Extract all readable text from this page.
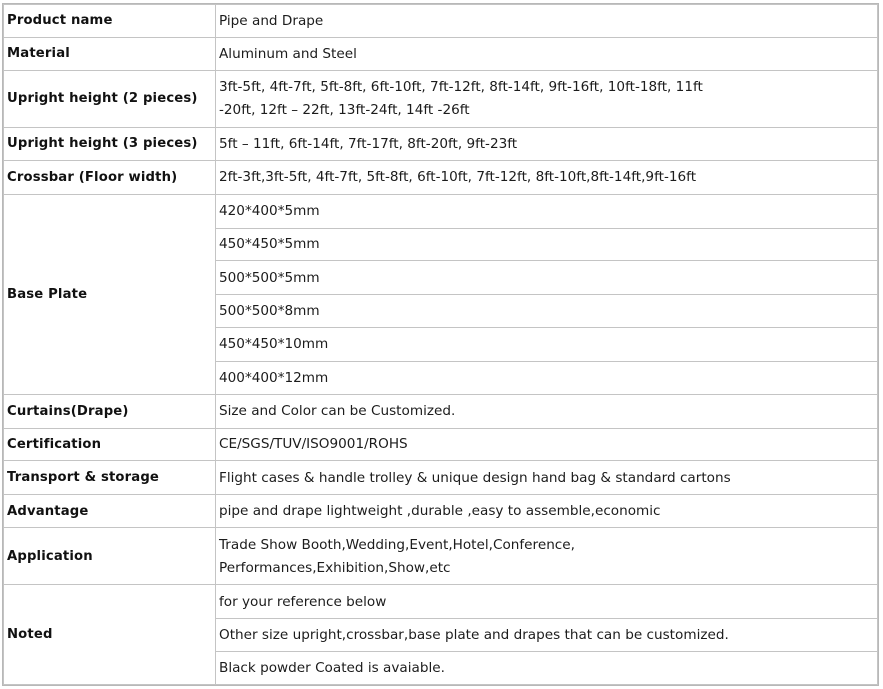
Product name	Pipe and Drape
Material	Aluminum and Steel
Upright height (2 pieces)	3ft-5ft, 4ft-7ft, 5ft-8ft, 6ft-10ft, 7ft-12ft, 8ft-14ft, 9ft-16ft, 10ft-18ft, 11ft
-20ft, 12ft – 22ft, 13ft-24ft, 14ft -26ft

Upright height (3 pieces)	5ft – 11ft, 6ft-14ft, 7ft-17ft, 8ft-20ft, 9ft-23ft
Crossbar (Floor width)	2ft-3ft,3ft-5ft, 4ft-7ft, 5ft-8ft, 6ft-10ft, 7ft-12ft, 8ft-10ft,8ft-14ft,9ft-16ft
Base Plate	420*400*5mm
	450*450*5mm
	500*500*5mm
	500*500*8mm
	450*450*10mm
	400*400*12mm
Curtains(Drape)	Size and Color can be Customized.
Certification	CE/SGS/TUV/ISO9001/ROHS
Transport & storage	Flight cases & handle trolley & unique design hand bag & standard cartons
Advantage	pipe and drape lightweight ,durable ,easy to assemble,economic
Application	Trade Show Booth,Wedding,Event,Hotel,Conference,
Performances,Exhibition,Show,etc

Noted	for your reference below
	Other size upright,crossbar,base plate and drapes that can be customized.
	Black powder Coated is avaiable.
